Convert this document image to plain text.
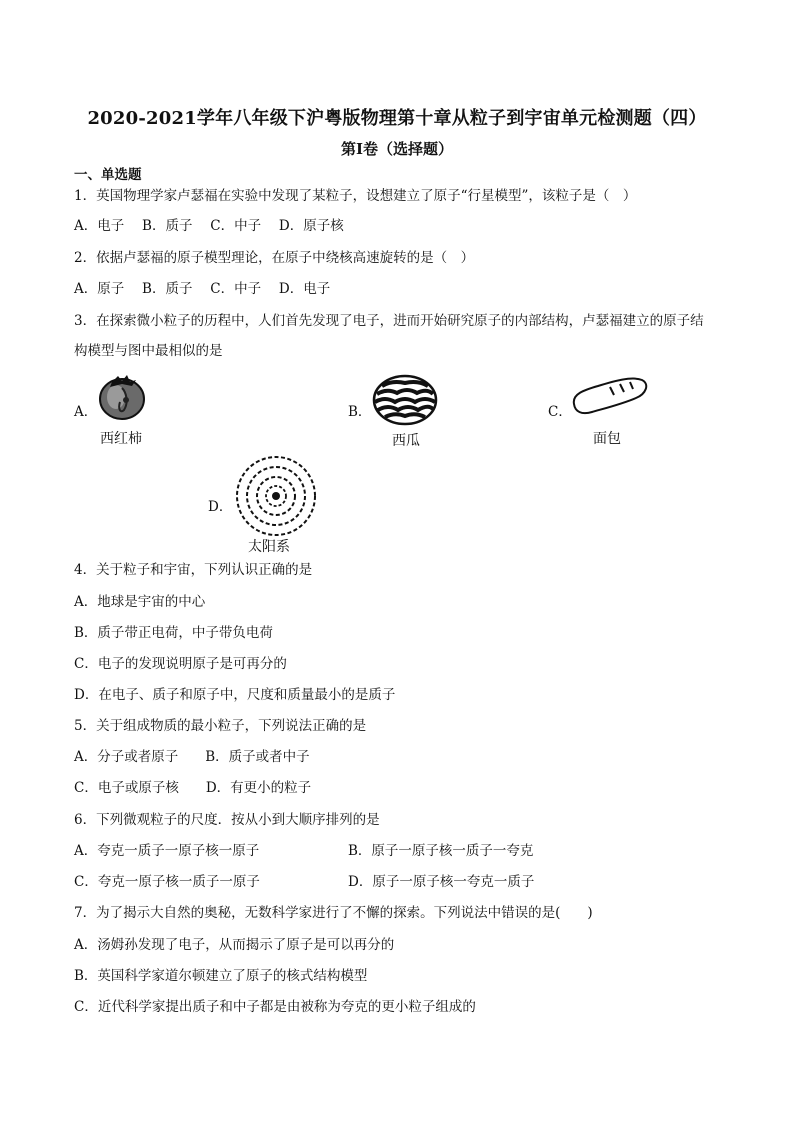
2020-2021学年八年级下沪粤版物理第十章从粒子到宇宙单元检测题（四）
第I卷（选择题）
一、单选题
1．英国物理学家卢瑟福在实验中发现了某粒子，设想建立了原子“行星模型”，该粒子是（　）
A．电子　 B．质子　 C．中子　 D．原子核
2．依据卢瑟福的原子模型理论，在原子中绕核高速旋转的是（　）
A．原子　 B．质子　 C．中子　 D．电子
3．在探索微小粒子的历程中，人们首先发现了电子，进而开始研究原子的内部结构，卢瑟福建立的原子结
构模型与图中最相似的是
A．
西红柿
B．
西瓜
C．
面包
D．
太阳系
4．关于粒子和宇宙，下列认识正确的是
A．地球是宇宙的中心
B．质子带正电荷，中子带负电荷
C．电子的发现说明原子是可再分的
D．在电子、质子和原子中，尺度和质量最小的是质子
5．关于组成物质的最小粒子，下列说法正确的是
A．分子或者原子　　B．质子或者中子
C．电子或原子核　　D．有更小的粒子
6．下列微观粒子的尺度．按从小到大顺序排列的是
A．夸克一质子一原子核一原子	B．原子一原子核一质子一夸克
C．夸克一原子核一质子一原子	D．原子一原子核一夸克一质子
7．为了揭示大自然的奥秘，无数科学家进行了不懈的探索。下列说法中错误的是(　　)
A．汤姆孙发现了电子，从而揭示了原子是可以再分的
B．英国科学家道尔顿建立了原子的核式结构模型
C．近代科学家提出质子和中子都是由被称为夸克的更小粒子组成的
